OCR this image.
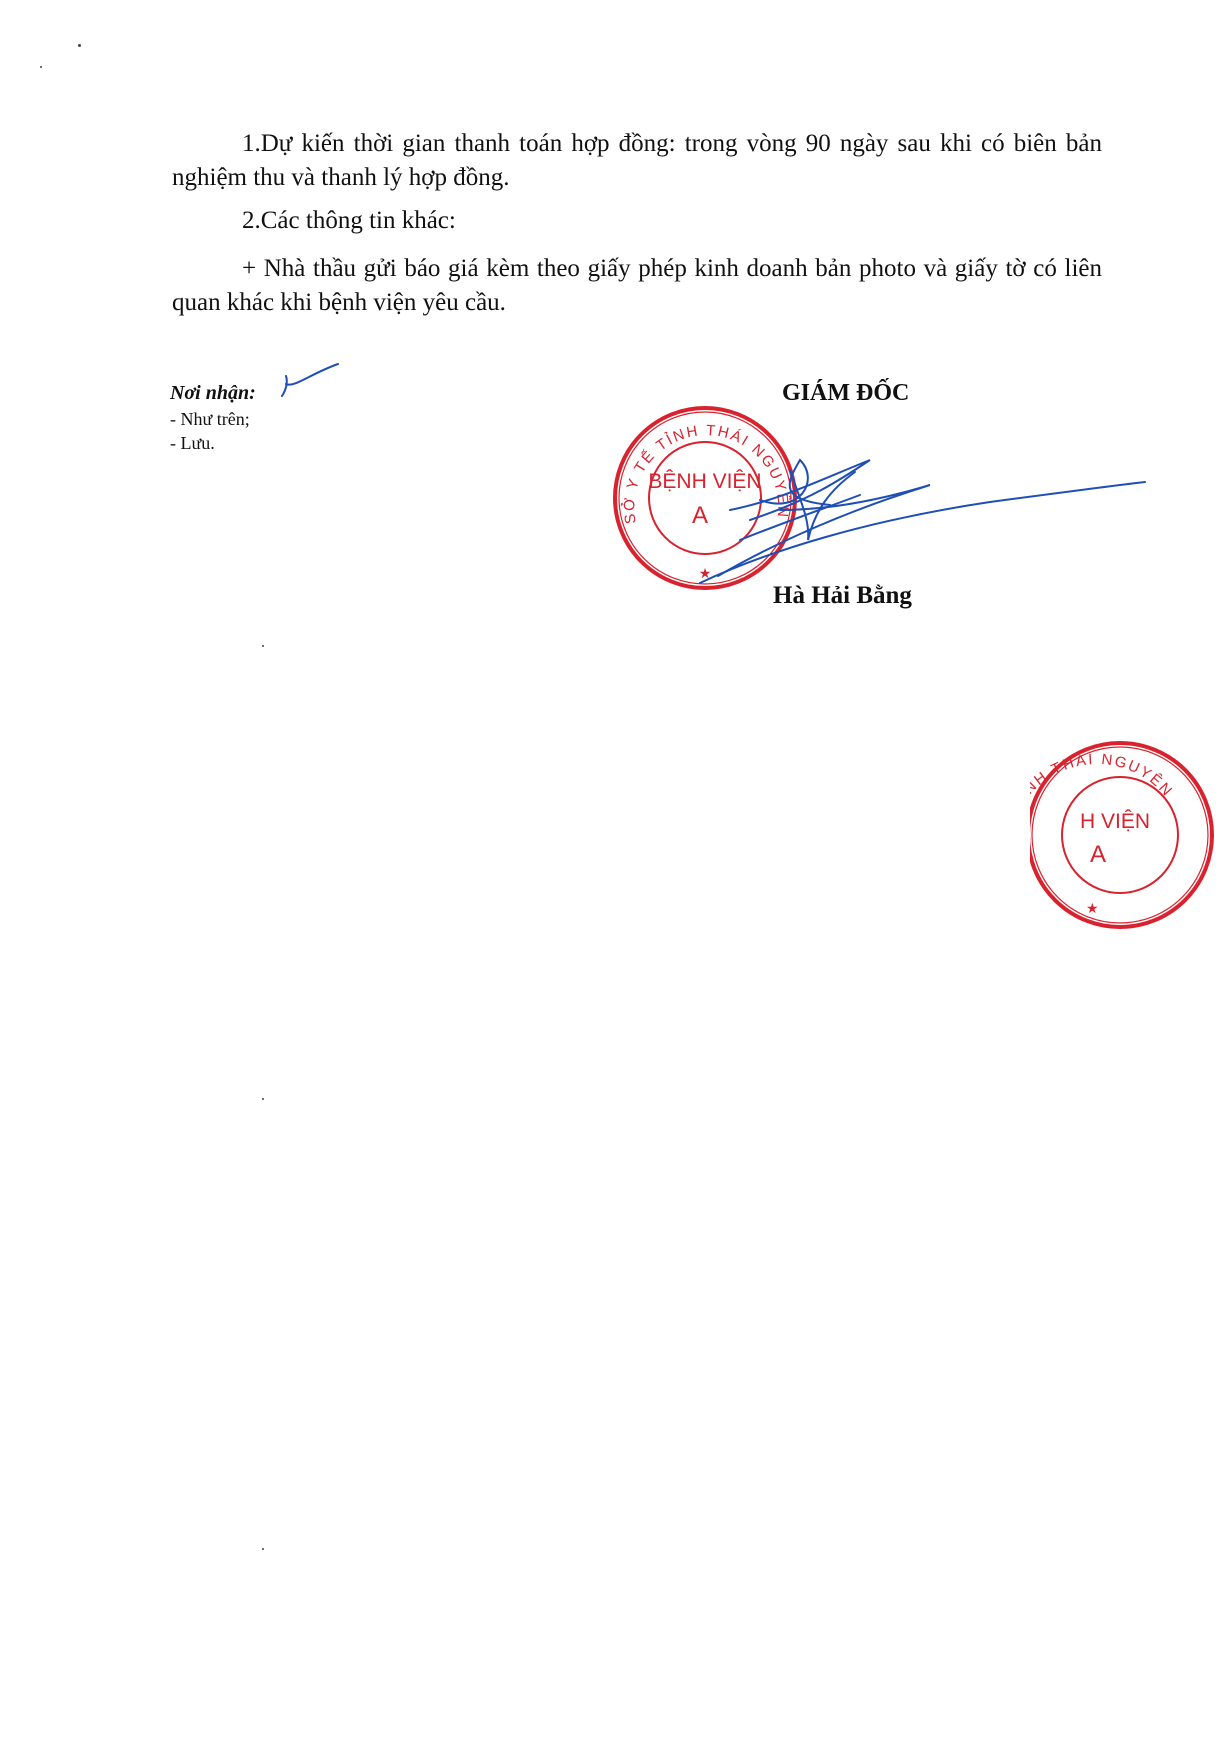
1.Dự kiến thời gian thanh toán hợp đồng: trong vòng 90 ngày sau khi có biên bản nghiệm thu và thanh lý hợp đồng.

2.Các thông tin khác:

+ Nhà thầu gửi báo giá kèm theo giấy phép kinh doanh bản photo và giấy tờ có liên quan khác khi bệnh viện yêu cầu.

Nơi nhận:
- Như trên;
- Lưu.
GIÁM ĐỐC
SỞ Y TẾ TỈNH THÁI NGUYÊN
BỆNH VIỆN
A
★
Hà Hải Bằng
NH THÁI NGUYÊN
H VIỆN
A
★
